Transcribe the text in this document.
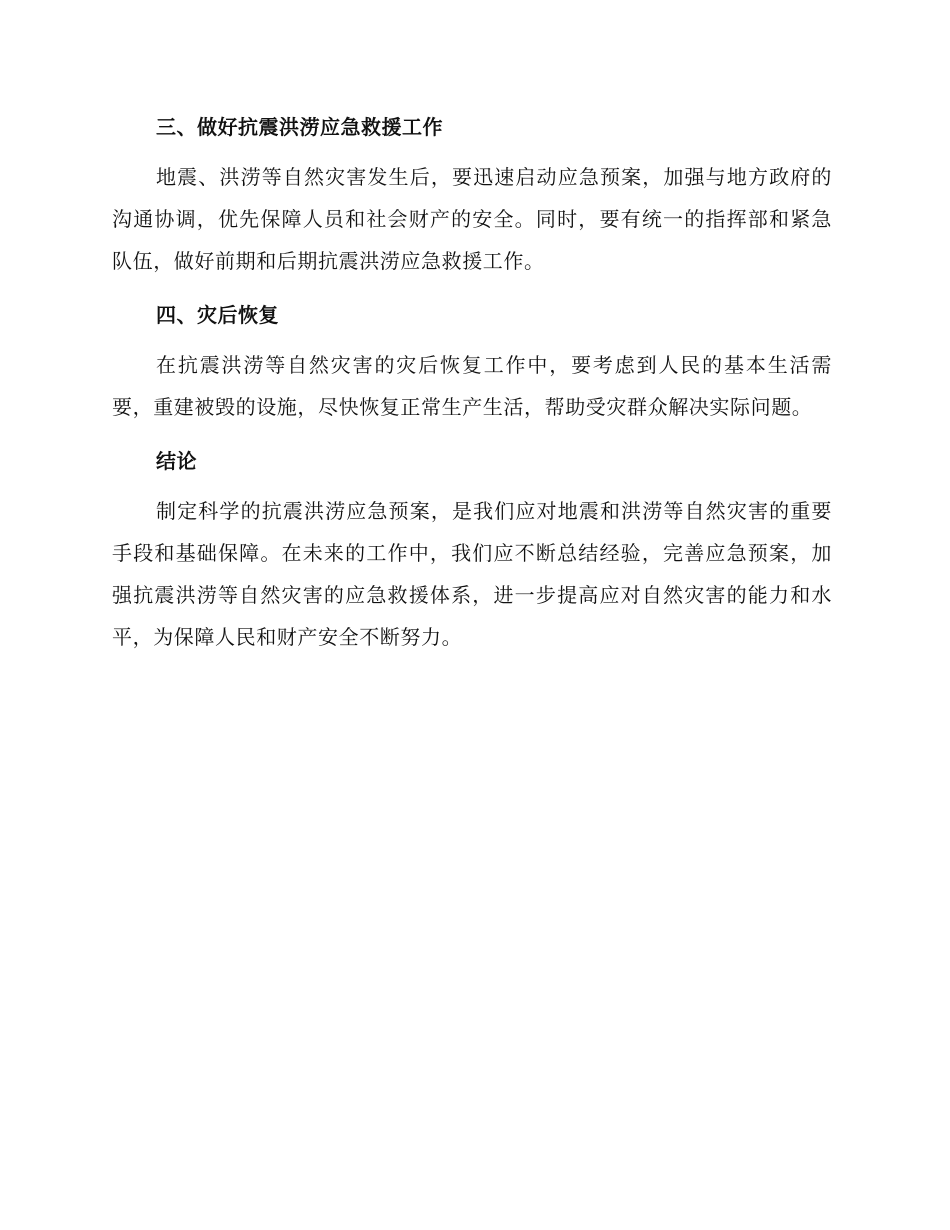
三、做好抗震洪涝应急救援工作

地震、洪涝等自然灾害发生后，要迅速启动应急预案，加强与地方政府的沟通协调，优先保障人员和社会财产的安全。同时，要有统一的指挥部和紧急队伍，做好前期和后期抗震洪涝应急救援工作。

四、灾后恢复

在抗震洪涝等自然灾害的灾后恢复工作中，要考虑到人民的基本生活需要，重建被毁的设施，尽快恢复正常生产生活，帮助受灾群众解决实际问题。

结论

制定科学的抗震洪涝应急预案，是我们应对地震和洪涝等自然灾害的重要手段和基础保障。在未来的工作中，我们应不断总结经验，完善应急预案，加强抗震洪涝等自然灾害的应急救援体系，进一步提高应对自然灾害的能力和水平，为保障人民和财产安全不断努力。
